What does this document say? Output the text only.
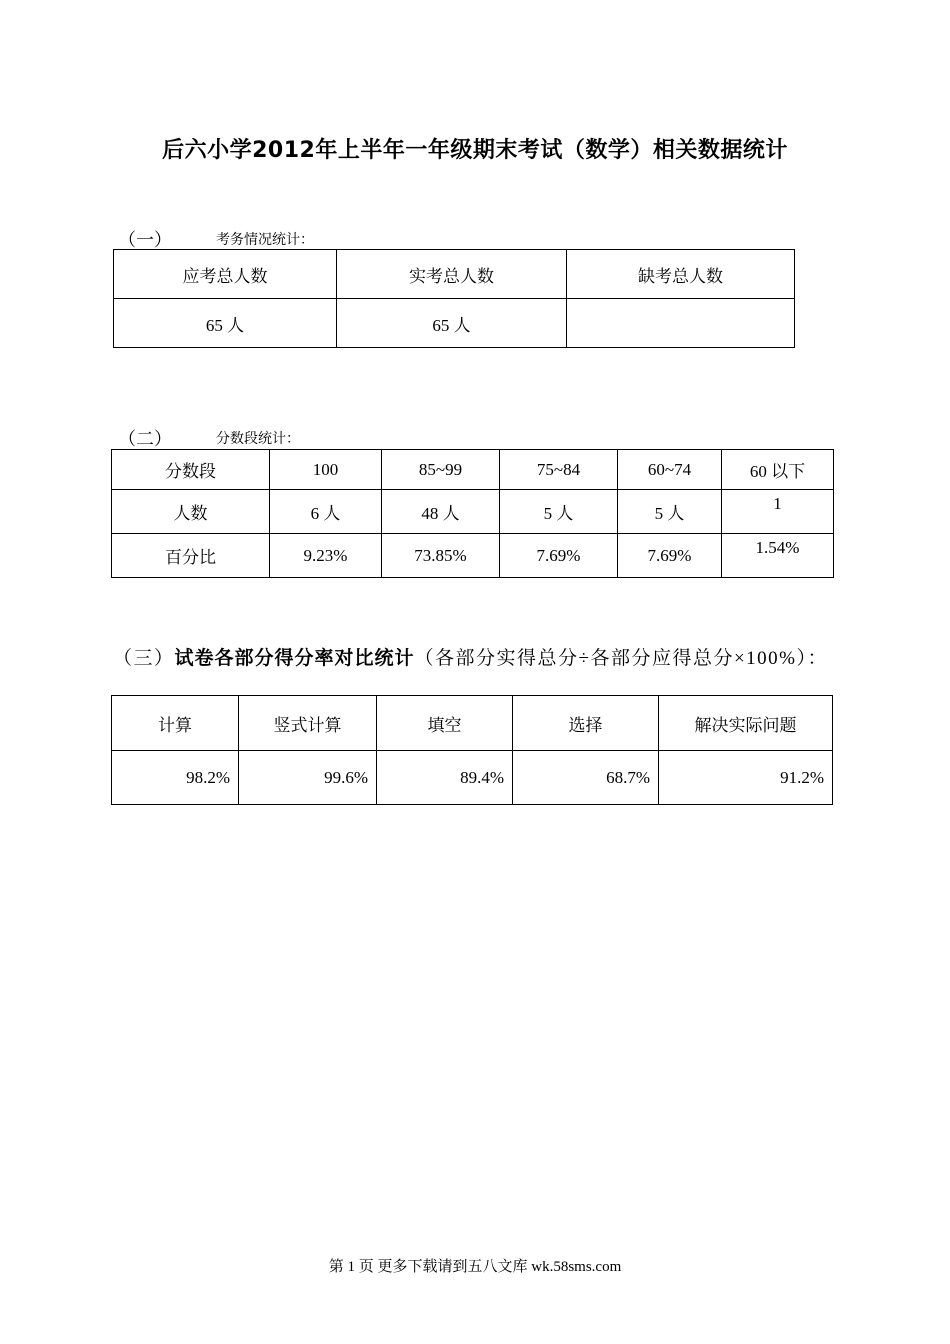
后六小学2012年上半年一年级期末考试（数学）相关数据统计
（一）	考务情况统计：
应考总人数	实考总人数	缺考总人数
65 人	65 人	
（二）	分数段统计：
分数段	100	85~99	75~84	60~74	60 以下
人数	6 人	48 人	5 人	5 人	1
百分比	9.23%	73.85%	7.69%	7.69%	1.54%
（三）试卷各部分得分率对比统计（各部分实得总分÷各部分应得总分×100%）：
计算	竖式计算	填空	选择	解决实际问题
98.2%	99.6%	89.4%	68.7%	91.2%
第 1 页 更多下载请到五八文库 wk.58sms.com
